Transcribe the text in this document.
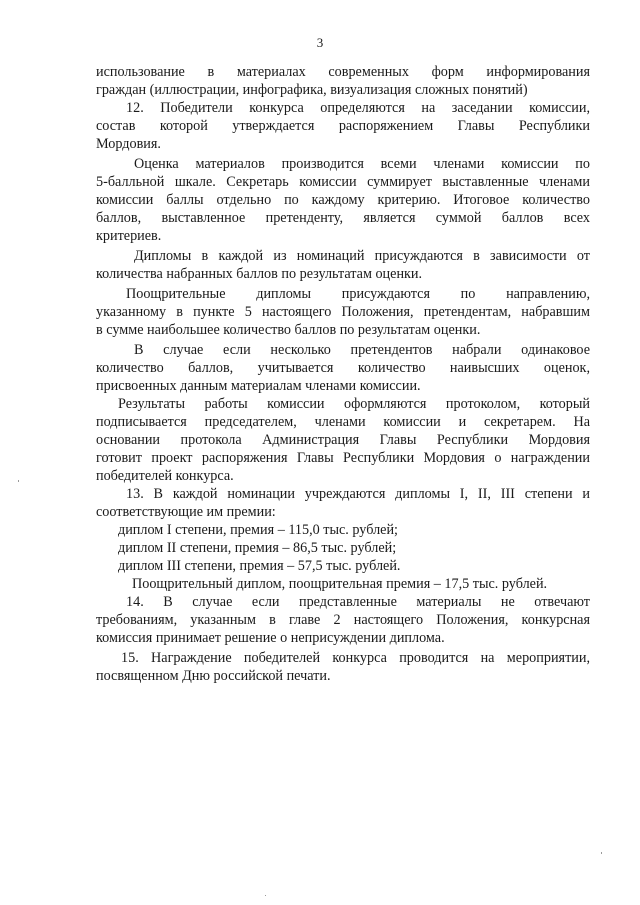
3
использование в материалах современных форм информирования
граждан (иллюстрации, инфографика, визуализация сложных понятий)
12. Победители конкурса определяются на заседании комиссии,
состав которой утверждается распоряжением Главы Республики
Мордовия.
Оценка материалов производится всеми членами комиссии по
5-балльной шкале. Секретарь комиссии суммирует выставленные членами
комиссии баллы отдельно по каждому критерию. Итоговое количество
баллов, выставленное претенденту, является суммой баллов всех
критериев.
Дипломы в каждой из номинаций присуждаются в зависимости от
количества набранных баллов по результатам оценки.
Поощрительные дипломы присуждаются по направлению,
указанному в пункте 5 настоящего Положения, претендентам, набравшим
в сумме наибольшее количество баллов по результатам оценки.
В случае если несколько претендентов набрали одинаковое
количество баллов, учитывается количество наивысших оценок,
присвоенных данным материалам членами комиссии.
Результаты работы комиссии оформляются протоколом, который
подписывается председателем, членами комиссии и секретарем. На
основании протокола Администрация Главы Республики Мордовия
готовит проект распоряжения Главы Республики Мордовия о награждении
победителей конкурса.
13. В каждой номинации учреждаются дипломы I, II, III степени и
соответствующие им премии:
диплом I степени, премия – 115,0 тыс. рублей;
диплом II степени, премия – 86,5 тыс. рублей;
диплом III степени, премия – 57,5 тыс. рублей.
Поощрительный диплом, поощрительная премия – 17,5 тыс. рублей.
14. В случае если представленные материалы не отвечают
требованиям, указанным в главе 2 настоящего Положения, конкурсная
комиссия принимает решение о неприсуждении диплома.
15. Награждение победителей конкурса проводится на мероприятии,
посвященном Дню российской печати.
